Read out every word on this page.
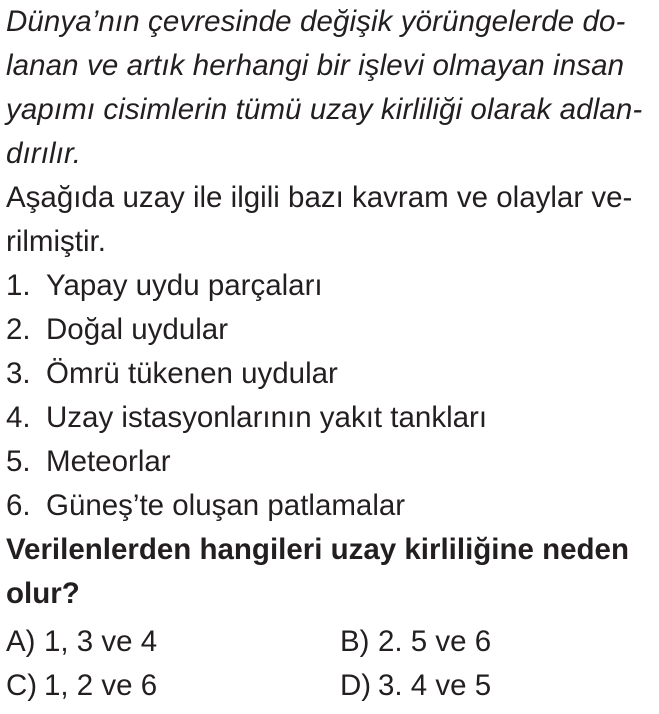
Dünya’nın çevresinde değişik yörüngelerde do-
lanan ve artık herhangi bir işlevi olmayan insan
yapımı cisimlerin tümü uzay kirliliği olarak adlan-
dırılır.

Aşağıda uzay ile ilgili bazı kavram ve olaylar ve-
rilmiştir.

1. Yapay uydu parçaları
2. Doğal uydular
3. Ömrü tükenen uydular
4. Uzay istasyonlarının yakıt tankları
5. Meteorlar
6. Güneş’te oluşan patlamalar

Verilenlerden hangileri uzay kirliliğine neden
olur?

A) 1, 3 ve 4	B) 2. 5 ve 6
C) 1, 2 ve 6	D) 3. 4 ve 5
